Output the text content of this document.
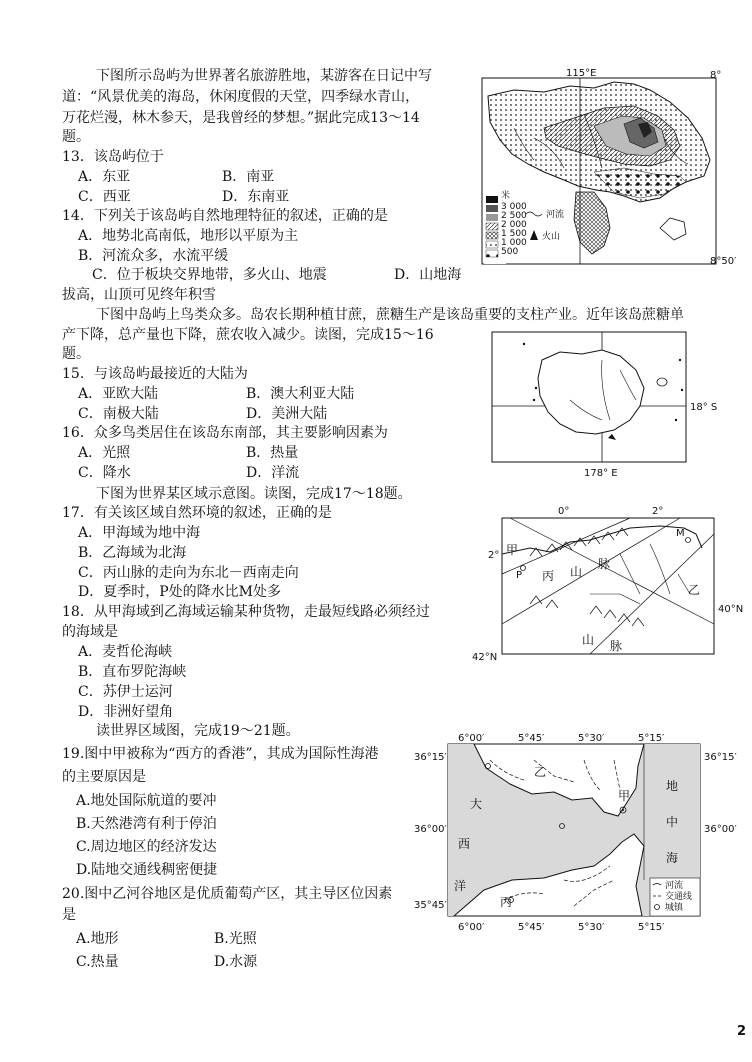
下图所示岛屿为世界著名旅游胜地，某游客在日记中写
道：“风景优美的海岛，休闲度假的天堂，四季绿水青山，
万花烂漫，林木参天，是我曾经的梦想。”据此完成13～14
题。
13．该岛屿位于
A．东亚	B．南亚
C．西亚	D．东南亚
14．下列关于该岛屿自然地理特征的叙述，正确的是
A．地势北高南低，地形以平原为主
B．河流众多，水流平缓
C．位于板块交界地带，多火山、地震	D．山地海
拔高，山顶可见终年积雪
米
3 000
2 500
2 000
1 500
1 000
500
河流
火山
115°E	8°
8°50′
下图中岛屿上鸟类众多。岛农长期种植甘蔗，蔗糖生产是该岛重要的支柱产业。近年该岛蔗糖单
产下降，总产量也下降，蔗农收入减少。读图，完成15～16
题。
15．与该岛屿最接近的大陆为
A．亚欧大陆	B．澳大利亚大陆
C．南极大陆	D．美洲大陆
16．众多鸟类居住在该岛东南部，其主要影响因素为
A．光照	B．热量
C．降水	D．洋流
18° S
178° E
下图为世界某区域示意图。读图，完成17～18题。
17．有关该区域自然环境的叙述，正确的是
A．甲海域为地中海
B．乙海域为北海
C．丙山脉的走向为东北－西南走向
D．夏季时，P处的降水比M处多
18．从甲海域到乙海域运输某种货物，走最短线路必须经过
的海域是
A．麦哲伦海峡
B．直布罗陀海峡
C．苏伊士运河
D．非洲好望角
0°	2°
2°
40°N
42°N
甲
乙
丙 山
脉
山 脉
P
M
读世界区域图，完成19～21题。
19.图中甲被称为“西方的香港”，其成为国际性海港
的主要原因是
A.地处国际航道的要冲
B.天然港湾有利于停泊
C.周边地区的经济发达
D.陆地交通线稠密便捷
20.图中乙河谷地区是优质葡萄产区，其主导区位因素
是
A.地形	B.光照
C.热量	D.水源
河流
交通线
城镇
6°00′	5°45′	5°30′	5°15′
6°00′	5°45′	5°30′	5°15′
36°15′
36°00′
35°45′
36°15′
36°00′
甲
乙
丙
大
西
洋
地
中
海
2
